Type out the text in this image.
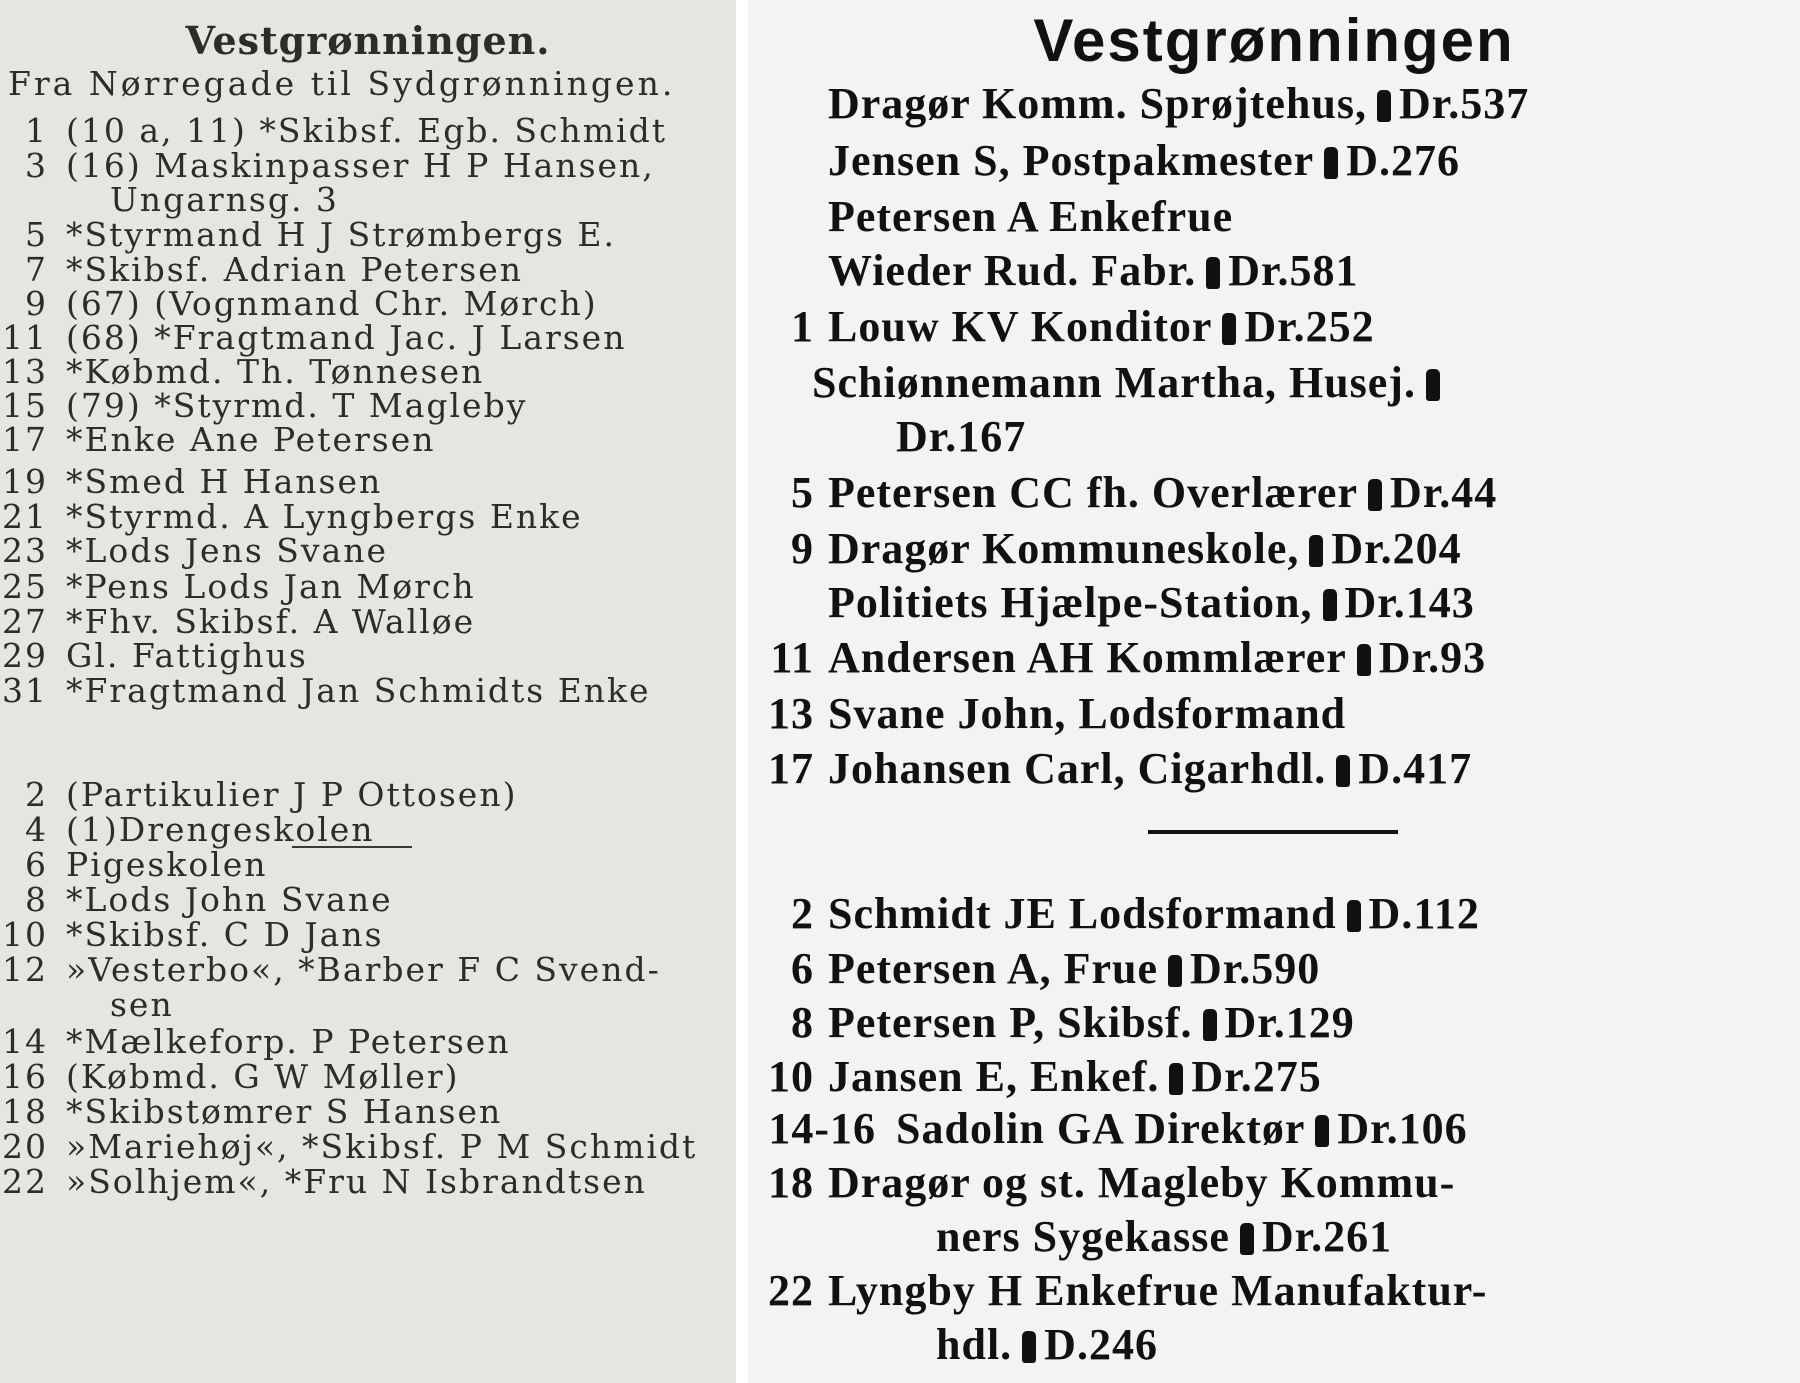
Vestgrønningen.
Fra Nørregade til Sydgrønningen.
1 (10 a, 11) *Skibsf. Egb. Schmidt
3 (16) Maskinpasser H P Hansen,
Ungarnsg. 3
5 *Styrmand H J Strømbergs E.
7 *Skibsf. Adrian Petersen
9 (67) (Vognmand Chr. Mørch)
11 (68) *Fragtmand Jac. J Larsen
13 *Købmd. Th. Tønnesen
15 (79) *Styrmd. T Magleby
17 *Enke Ane Petersen
19 *Smed H Hansen
21 *Styrmd. A Lyngbergs Enke
23 *Lods Jens Svane
25 *Pens Lods Jan Mørch
27 *Fhv. Skibsf. A Walløe
29 Gl. Fattighus
31 *Fragtmand Jan Schmidts Enke
2 (Partikulier J P Ottosen)
4 (1)Drengeskolen
6 Pigeskolen
8 *Lods John Svane
10 *Skibsf. C D Jans
12 »Vesterbo«, *Barber F C Svend-
sen
14 *Mælkeforp. P Petersen
16 (Købmd. G W Møller)
18 *Skibstømrer S Hansen
20 »Mariehøj«, *Skibsf. P M Schmidt
22 »Solhjem«, *Fru N Isbrandtsen
Vestgrønningen
Dragør Komm. Sprøjtehus, Dr.537
Jensen S, Postpakmester D.276
Petersen A Enkefrue
Wieder Rud. Fabr. Dr.581
1 Louw KV Konditor Dr.252
Schiønnemann Martha, Husej.
Dr.167
5 Petersen CC fh. Overlærer Dr.44
9 Dragør Kommuneskole, Dr.204
Politiets Hjælpe-Station, Dr.143
11 Andersen AH Kommlærer Dr.93
13 Svane John, Lodsformand
17 Johansen Carl, Cigarhdl. D.417
2 Schmidt JE Lodsformand D.112
6 Petersen A, Frue Dr.590
8 Petersen P, Skibsf. Dr.129
10 Jansen E, Enkef. Dr.275
14-16 Sadolin GA Direktør Dr.106
18 Dragør og st. Magleby Kommu-
ners Sygekasse Dr.261
22 Lyngby H Enkefrue Manufaktur-
hdl. D.246
